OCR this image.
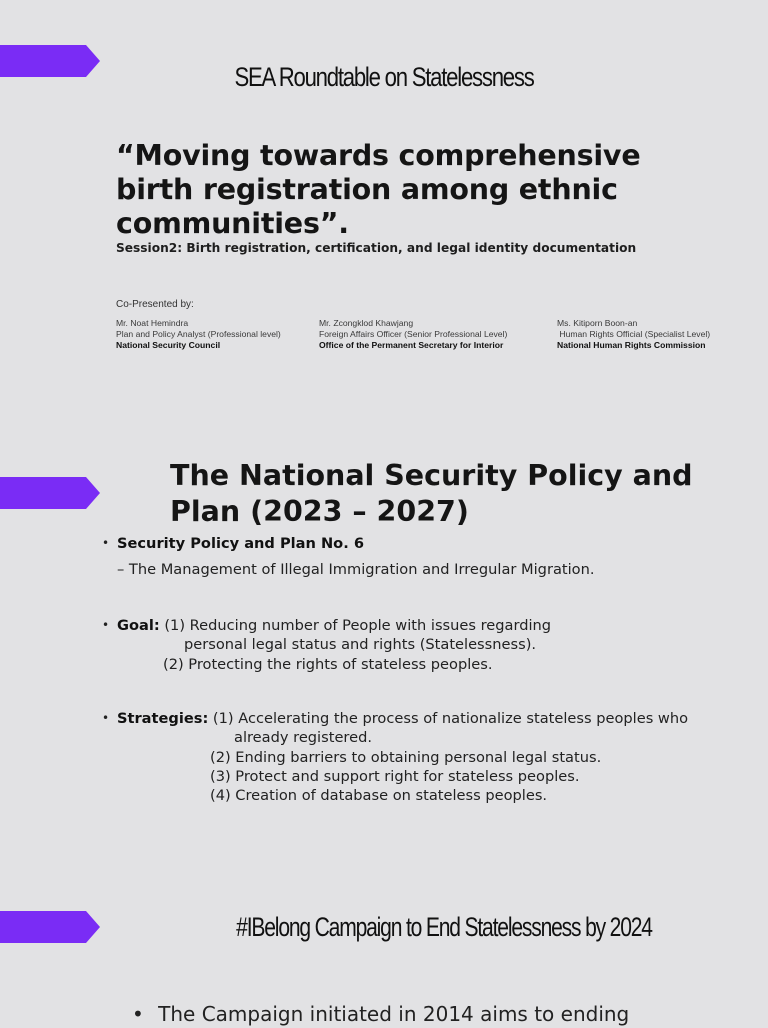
SEA Roundtable on Statelessness
“Moving towards comprehensive
birth registration among ethnic
communities”.
Session2: Birth registration, certification, and legal identity documentation
Co-Presented by:
Mr. Noat Hemindra
Plan and Policy Analyst (Professional level)
National Security Council
Mr. Zcongklod Khawjang
Foreign Affairs Officer (Senior Professional Level)
Office of the Permanent Secretary for Interior
Ms. Kitiporn Boon-an
Human Rights Official (Specialist Level)
National Human Rights Commission
The National Security Policy and
Plan (2023 – 2027)
• Security Policy and Plan No. 6
– The Management of Illegal Immigration and Irregular Migration.
• Goal: (1) Reducing number of People with issues regarding
personal legal status and rights (Statelessness).
(2) Protecting the rights of stateless peoples.
• Strategies: (1) Accelerating the process of nationalize stateless peoples who
already registered.
(2) Ending barriers to obtaining personal legal status.
(3) Protect and support right for stateless peoples.
(4) Creation of database on stateless peoples.
#IBelong Campaign to End Statelessness by 2024
• The Campaign initiated in 2014 aims to ending
